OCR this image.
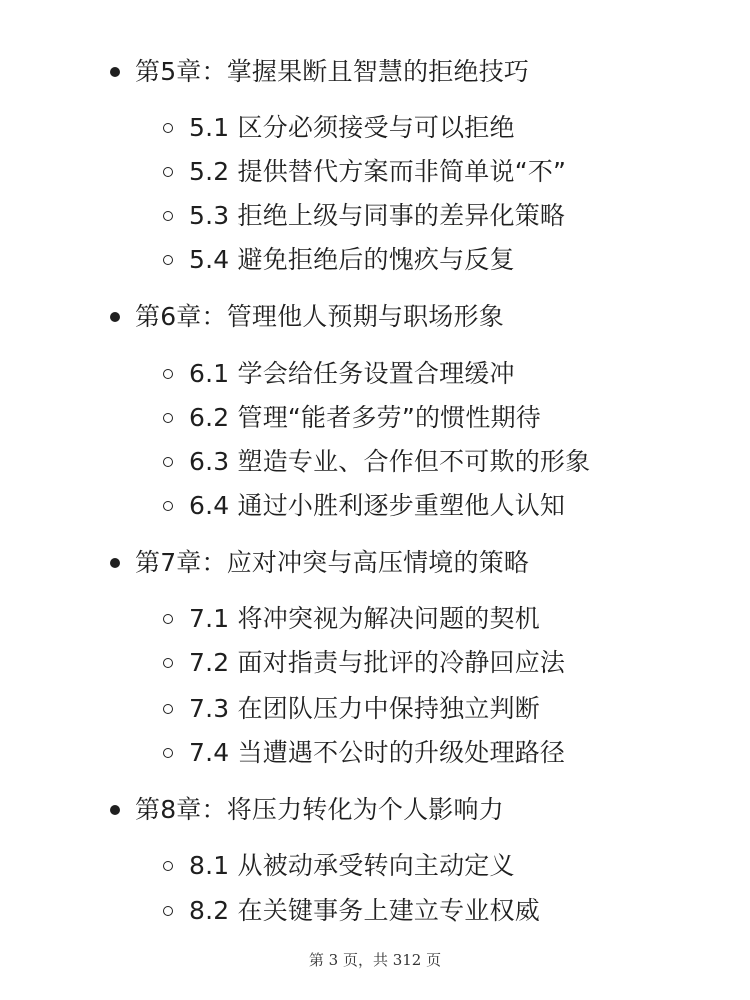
第5章：掌握果断且智慧的拒绝技巧
5.1 区分必须接受与可以拒绝
5.2 提供替代方案而非简单说“不”
5.3 拒绝上级与同事的差异化策略
5.4 避免拒绝后的愧疚与反复
第6章：管理他人预期与职场形象
6.1 学会给任务设置合理缓冲
6.2 管理“能者多劳”的惯性期待
6.3 塑造专业、合作但不可欺的形象
6.4 通过小胜利逐步重塑他人认知
第7章：应对冲突与高压情境的策略
7.1 将冲突视为解决问题的契机
7.2 面对指责与批评的冷静回应法
7.3 在团队压力中保持独立判断
7.4 当遭遇不公时的升级处理路径
第8章：将压力转化为个人影响力
8.1 从被动承受转向主动定义
8.2 在关键事务上建立专业权威
第 3 页，共 312 页
